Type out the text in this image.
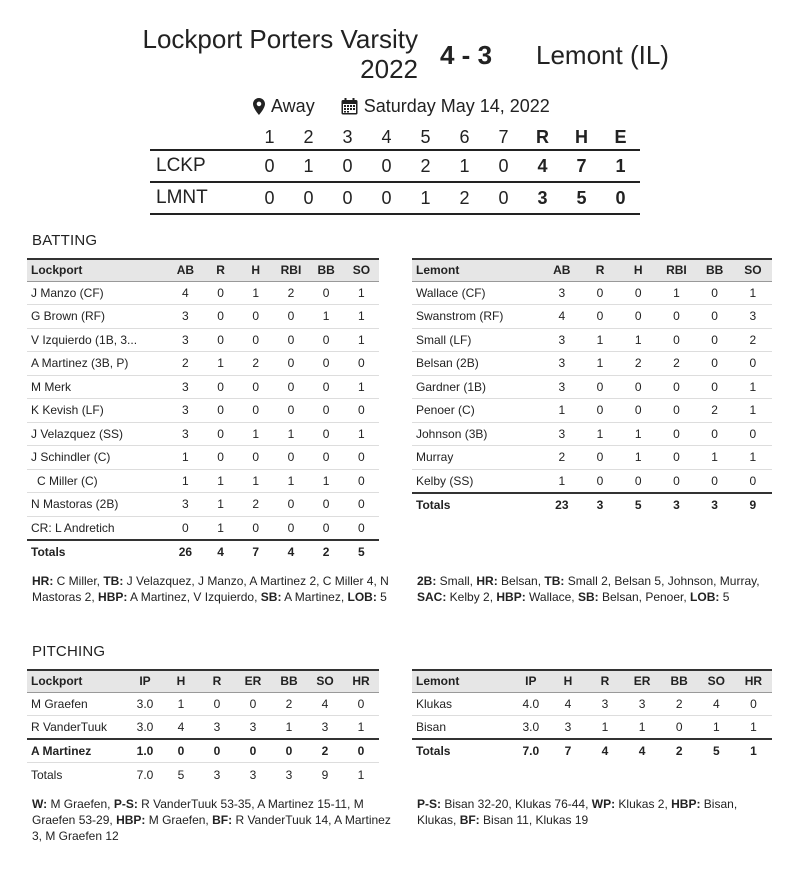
Lockport Porters Varsity
2022 4 - 3 Lemont (IL)
Away	Saturday May 14, 2022
	1	2	3	4	5	6	7	R	H	E
LCKP	0	1	0	0	2	1	0	4	7	1
LMNT	0	0	0	0	1	2	0	3	5	0
BATTING
Lockport	AB	R	H	RBI	BB	SO
J Manzo (CF)	4	0	1	2	0	1
G Brown (RF)	3	0	0	0	1	1
V Izquierdo (1B, 3...	3	0	0	0	0	1
A Martinez (3B, P)	2	1	2	0	0	0
M Merk	3	0	0	0	0	1
K Kevish (LF)	3	0	0	0	0	0
J Velazquez (SS)	3	0	1	1	0	1
J Schindler (C)	1	0	0	0	0	0
C Miller (C)	1	1	1	1	1	0
N Mastoras (2B)	3	1	2	0	0	0
CR: L Andretich	0	1	0	0	0	0
Totals	26	4	7	4	2	5
Lemont	AB	R	H	RBI	BB	SO
Wallace (CF)	3	0	0	1	0	1
Swanstrom (RF)	4	0	0	0	0	3
Small (LF)	3	1	1	0	0	2
Belsan (2B)	3	1	2	2	0	0
Gardner (1B)	3	0	0	0	0	1
Penoer (C)	1	0	0	0	2	1
Johnson (3B)	3	1	1	0	0	0
Murray	2	0	1	0	1	1
Kelby (SS)	1	0	0	0	0	0
Totals	23	3	5	3	3	9
HR: C Miller, TB: J Velazquez, J Manzo, A Martinez 2, C Miller 4, N Mastoras 2, HBP: A Martinez, V Izquierdo, SB: A Martinez, LOB: 5
2B: Small, HR: Belsan, TB: Small 2, Belsan 5, Johnson, Murray, SAC: Kelby 2, HBP: Wallace, SB: Belsan, Penoer, LOB: 5
PITCHING
Lockport	IP	H	R	ER	BB	SO	HR
M Graefen	3.0	1	0	0	2	4	0
R VanderTuuk	3.0	4	3	3	1	3	1
A Martinez	1.0	0	0	0	0	2	0
Totals	7.0	5	3	3	3	9	1
Lemont	IP	H	R	ER	BB	SO	HR
Klukas	4.0	4	3	3	2	4	0
Bisan	3.0	3	1	1	0	1	1
Totals	7.0	7	4	4	2	5	1
W: M Graefen, P-S: R VanderTuuk 53-35, A Martinez 15-11, M Graefen 53-29, HBP: M Graefen, BF: R VanderTuuk 14, A Martinez 3, M Graefen 12
P-S: Bisan 32-20, Klukas 76-44, WP: Klukas 2, HBP: Bisan, Klukas, BF: Bisan 11, Klukas 19
